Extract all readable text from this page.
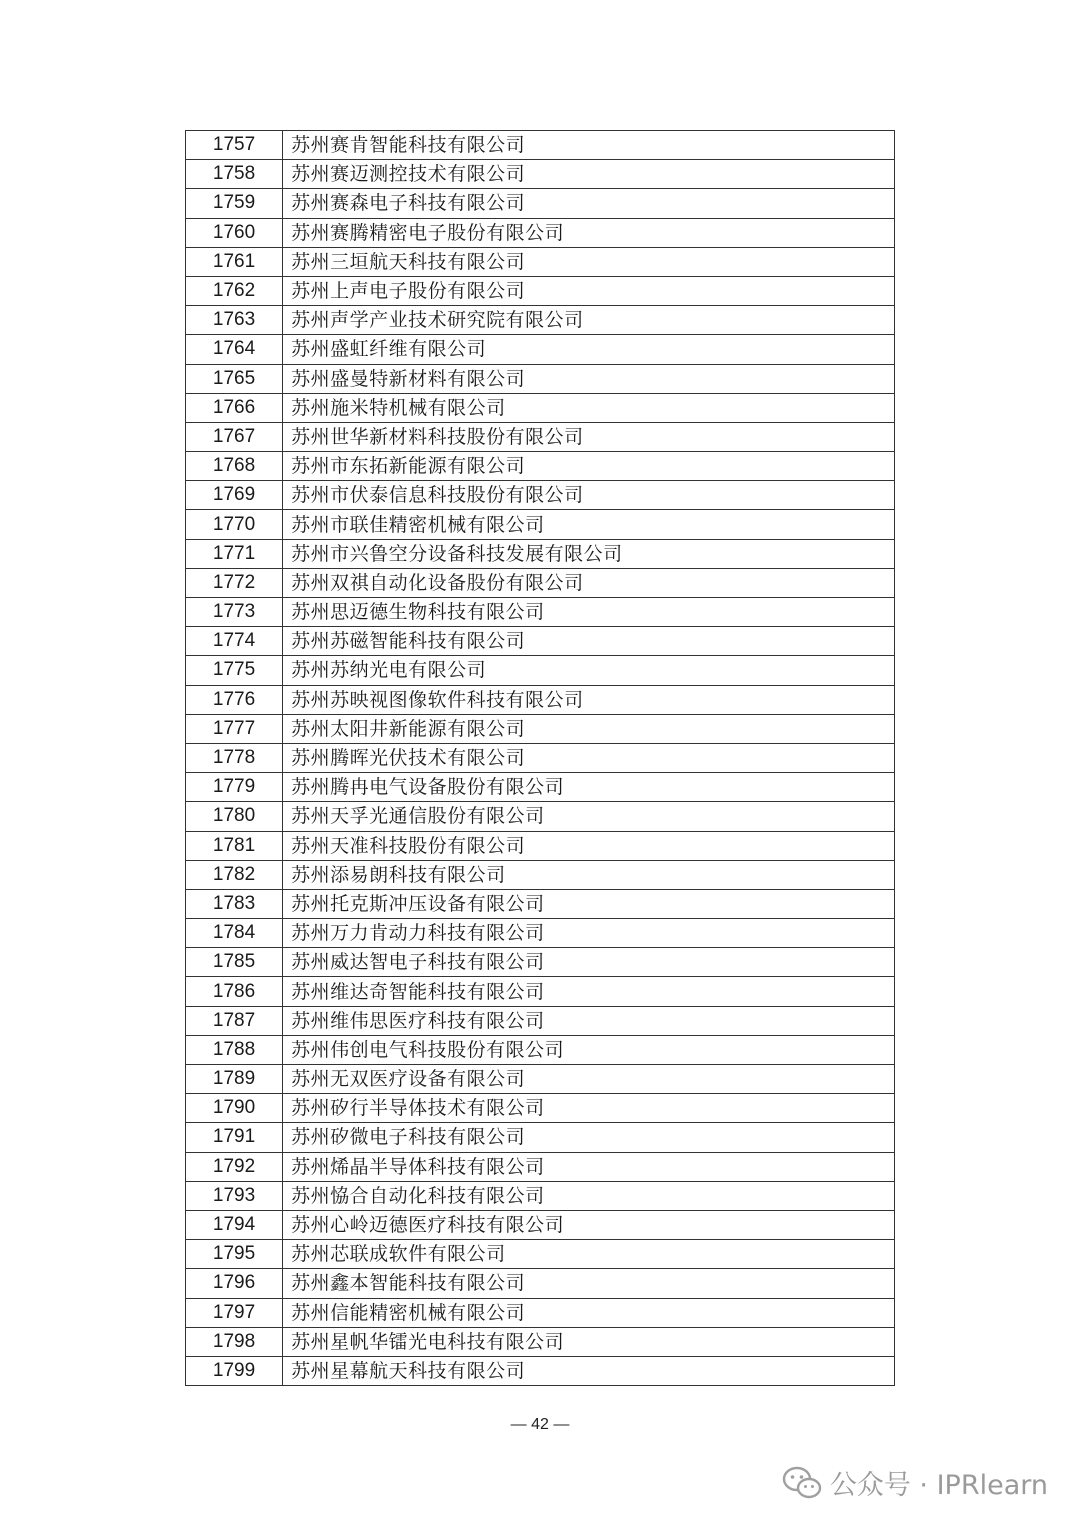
1757	苏州赛肯智能科技有限公司
1758	苏州赛迈测控技术有限公司
1759	苏州赛森电子科技有限公司
1760	苏州赛腾精密电子股份有限公司
1761	苏州三垣航天科技有限公司
1762	苏州上声电子股份有限公司
1763	苏州声学产业技术研究院有限公司
1764	苏州盛虹纤维有限公司
1765	苏州盛曼特新材料有限公司
1766	苏州施米特机械有限公司
1767	苏州世华新材料科技股份有限公司
1768	苏州市东拓新能源有限公司
1769	苏州市伏泰信息科技股份有限公司
1770	苏州市联佳精密机械有限公司
1771	苏州市兴鲁空分设备科技发展有限公司
1772	苏州双祺自动化设备股份有限公司
1773	苏州思迈德生物科技有限公司
1774	苏州苏磁智能科技有限公司
1775	苏州苏纳光电有限公司
1776	苏州苏映视图像软件科技有限公司
1777	苏州太阳井新能源有限公司
1778	苏州腾晖光伏技术有限公司
1779	苏州腾冉电气设备股份有限公司
1780	苏州天孚光通信股份有限公司
1781	苏州天准科技股份有限公司
1782	苏州添易朗科技有限公司
1783	苏州托克斯冲压设备有限公司
1784	苏州万力肯动力科技有限公司
1785	苏州威达智电子科技有限公司
1786	苏州维达奇智能科技有限公司
1787	苏州维伟思医疗科技有限公司
1788	苏州伟创电气科技股份有限公司
1789	苏州无双医疗设备有限公司
1790	苏州矽行半导体技术有限公司
1791	苏州矽微电子科技有限公司
1792	苏州烯晶半导体科技有限公司
1793	苏州恊合自动化科技有限公司
1794	苏州心岭迈德医疗科技有限公司
1795	苏州芯联成软件有限公司
1796	苏州鑫本智能科技有限公司
1797	苏州信能精密机械有限公司
1798	苏州星帆华镭光电科技有限公司
1799	苏州星幕航天科技有限公司
— 42 —
公众号 · IPRlearn
